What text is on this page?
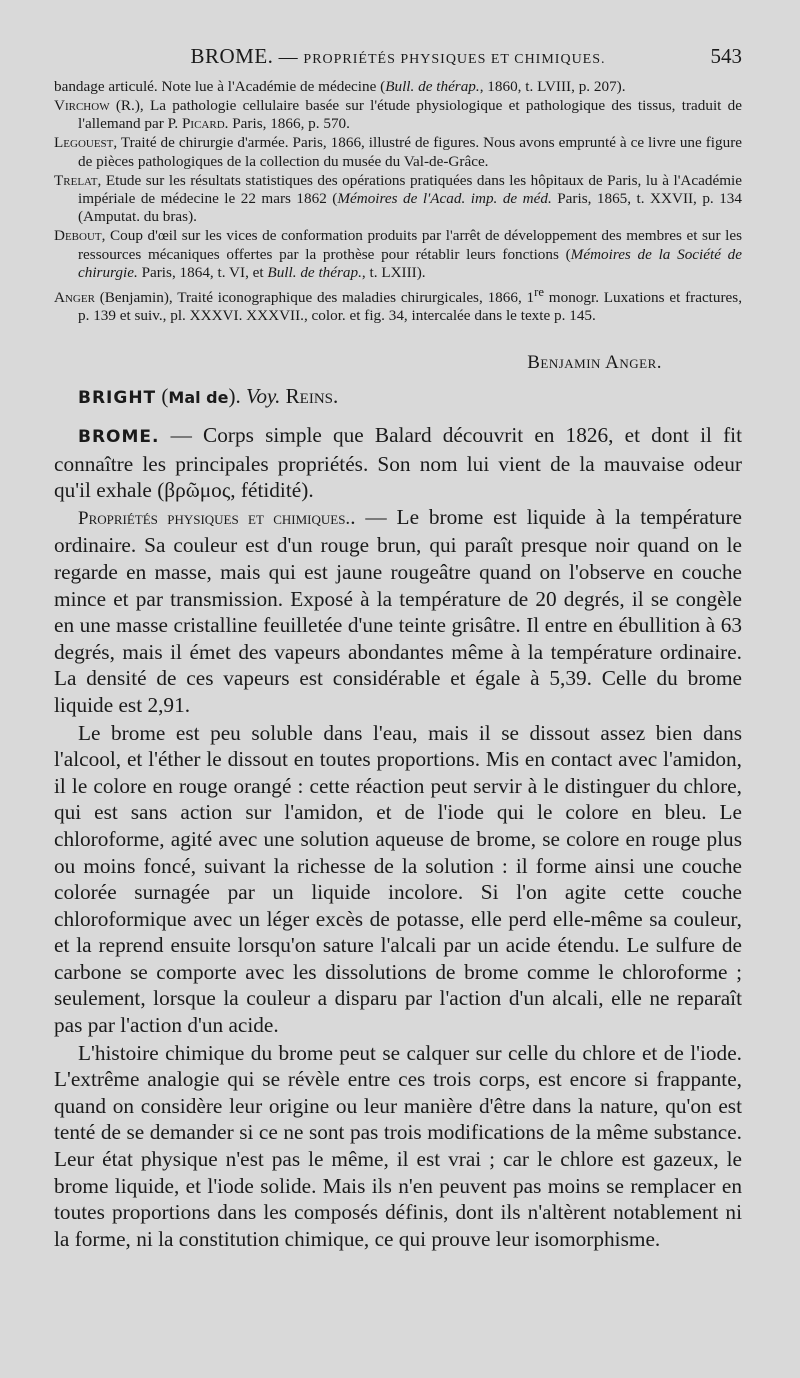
BROME. — PROPRIÉTÉS PHYSIQUES ET CHIMIQUES.	543
bandage articulé. Note lue à l'Académie de médecine (Bull. de thérap., 1860, t. LVIII, p. 207).
Virchow (R.), La pathologie cellulaire basée sur l'étude physiologique et pathologique des tissus, traduit de l'allemand par P. Picard. Paris, 1866, p. 570.
Legouest, Traité de chirurgie d'armée. Paris, 1866, illustré de figures. Nous avons emprunté à ce livre une figure de pièces pathologiques de la collection du musée du Val-de-Grâce.
Trelat, Etude sur les résultats statistiques des opérations pratiquées dans les hôpitaux de Paris, lu à l'Académie impériale de médecine le 22 mars 1862 (Mémoires de l'Acad. imp. de méd. Paris, 1865, t. XXVII, p. 134 (Amputat. du bras).
Debout, Coup d'œil sur les vices de conformation produits par l'arrêt de développement des membres et sur les ressources mécaniques offertes par la prothèse pour rétablir leurs fonctions (Mémoires de la Société de chirurgie. Paris, 1864, t. VI, et Bull. de thérap., t. LXIII).
Anger (Benjamin), Traité iconographique des maladies chirurgicales, 1866, 1re monogr. Luxations et fractures, p. 139 et suiv., pl. XXXVI. XXXVII., color. et fig. 34, intercalée dans le texte p. 145.
Benjamin Anger.
BRIGHT (Mal de). Voy. Reins.

BROME. — Corps simple que Balard découvrit en 1826, et dont il fit connaître les principales propriétés. Son nom lui vient de la mauvaise odeur qu'il exhale (βρῶμος, fétidité).

Propriétés physiques et chimiques.. — Le brome est liquide à la température ordinaire. Sa couleur est d'un rouge brun, qui paraît presque noir quand on le regarde en masse, mais qui est jaune rougeâtre quand on l'observe en couche mince et par transmission. Exposé à la température de 20 degrés, il se congèle en une masse cristalline feuilletée d'une teinte grisâtre. Il entre en ébullition à 63 degrés, mais il émet des vapeurs abondantes même à la température ordinaire. La densité de ces vapeurs est considérable et égale à 5,39. Celle du brome liquide est 2,91.

Le brome est peu soluble dans l'eau, mais il se dissout assez bien dans l'alcool, et l'éther le dissout en toutes proportions. Mis en contact avec l'amidon, il le colore en rouge orangé : cette réaction peut servir à le distinguer du chlore, qui est sans action sur l'amidon, et de l'iode qui le colore en bleu. Le chloroforme, agité avec une solution aqueuse de brome, se colore en rouge plus ou moins foncé, suivant la richesse de la solution : il forme ainsi une couche colorée surnagée par un liquide incolore. Si l'on agite cette couche chloroformique avec un léger excès de potasse, elle perd elle-même sa couleur, et la reprend ensuite lorsqu'on sature l'alcali par un acide étendu. Le sulfure de carbone se comporte avec les dissolutions de brome comme le chloroforme ; seulement, lorsque la couleur a disparu par l'action d'un alcali, elle ne reparaît pas par l'action d'un acide.

L'histoire chimique du brome peut se calquer sur celle du chlore et de l'iode. L'extrême analogie qui se révèle entre ces trois corps, est encore si frappante, quand on considère leur origine ou leur manière d'être dans la nature, qu'on est tenté de se demander si ce ne sont pas trois modifications de la même substance. Leur état physique n'est pas le même, il est vrai ; car le chlore est gazeux, le brome liquide, et l'iode solide. Mais ils n'en peuvent pas moins se remplacer en toutes proportions dans les composés définis, dont ils n'altèrent notablement ni la forme, ni la constitution chimique, ce qui prouve leur isomorphisme.
